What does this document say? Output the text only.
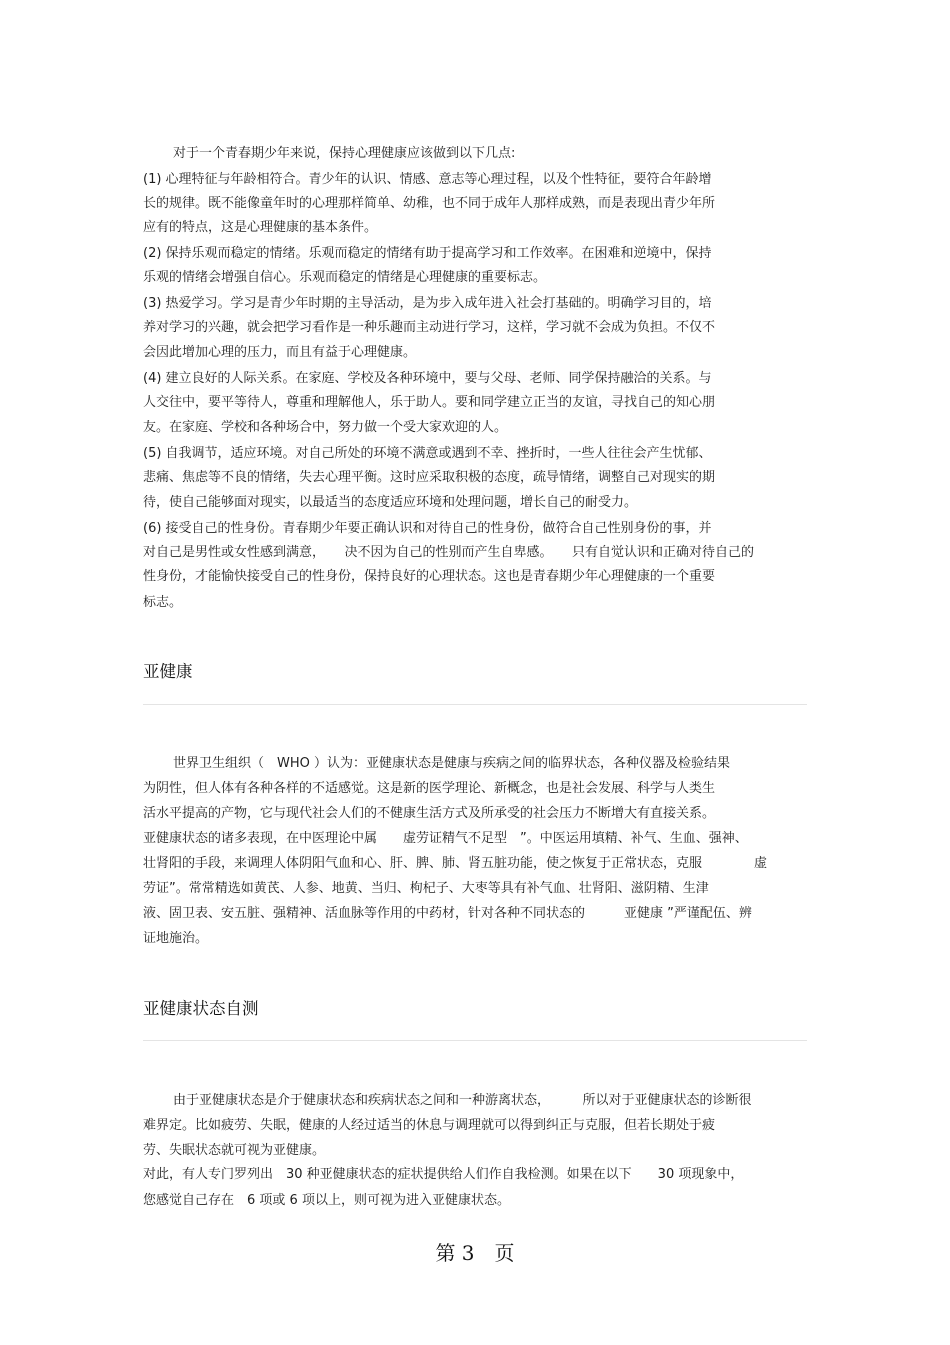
对于一个青春期少年来说，保持心理健康应该做到以下几点:
(1) 心理特征与年龄相符合。青少年的认识、情感、意志等心理过程，以及个性特征，要符合年龄增
长的规律。既不能像童年时的心理那样简单、幼稚，也不同于成年人那样成熟，而是表现出青少年所
应有的特点，这是心理健康的基本条件。
(2) 保持乐观而稳定的情绪。乐观而稳定的情绪有助于提高学习和工作效率。在困难和逆境中，保持
乐观的情绪会增强自信心。乐观而稳定的情绪是心理健康的重要标志。
(3) 热爱学习。学习是青少年时期的主导活动，是为步入成年进入社会打基础的。明确学习目的，培
养对学习的兴趣，就会把学习看作是一种乐趣而主动进行学习，这样，学习就不会成为负担。不仅不
会因此增加心理的压力，而且有益于心理健康。
(4) 建立良好的人际关系。在家庭、学校及各种环境中，要与父母、老师、同学保持融洽的关系。与
人交往中，要平等待人，尊重和理解他人，乐于助人。要和同学建立正当的友谊，寻找自己的知心朋
友。在家庭、学校和各种场合中，努力做一个受大家欢迎的人。
(5) 自我调节，适应环境。对自己所处的环境不满意或遇到不幸、挫折时，一些人往往会产生忧郁、
悲痛、焦虑等不良的情绪，失去心理平衡。这时应采取积极的态度，疏导情绪，调整自己对现实的期
待，使自己能够面对现实，以最适当的态度适应环境和处理问题，增长自己的耐受力。
(6) 接受自己的性身份。青春期少年要正确认识和对待自己的性身份，做符合自己性别身份的事，并
对自己是男性或女性感到满意，　　决不因为自己的性别而产生自卑感。　　只有自觉认识和正确对待自己的
性身份，才能愉快接受自己的性身份，保持良好的心理状态。这也是青春期少年心理健康的一个重要
标志。
亚健康
世界卫生组织（　WHO ）认为：亚健康状态是健康与疾病之间的临界状态，各种仪器及检验结果
为阴性，但人体有各种各样的不适感觉。这是新的医学理论、新概念，也是社会发展、科学与人类生
活水平提高的产物，它与现代社会人们的不健康生活方式及所承受的社会压力不断增大有直接关系。
亚健康状态的诸多表现，在中医理论中属　　虚劳证精气不足型　”。中医运用填精、补气、生血、强神、
壮肾阳的手段，来调理人体阴阳气血和心、肝、脾、肺、肾五脏功能，使之恢复于正常状态，克服　　　　虚
劳证”。常常精选如黄芪、人参、地黄、当归、枸杞子、大枣等具有补气血、壮肾阳、滋阴精、生津
液、固卫表、安五脏、强精神、活血脉等作用的中药材，针对各种不同状态的　　　亚健康 ”严谨配伍、辨
证地施治。
亚健康状态自测
由于亚健康状态是介于健康状态和疾病状态之间和一种游离状态，　　　所以对于亚健康状态的诊断很
难界定。比如疲劳、失眠，健康的人经过适当的休息与调理就可以得到纠正与克服，但若长期处于疲
劳、失眠状态就可视为亚健康。
对此，有人专门罗列出　30 种亚健康状态的症状提供给人们作自我检测。如果在以下　　30 项现象中，
您感觉自己存在　6 项或 6 项以上，则可视为进入亚健康状态。
第 3　页
